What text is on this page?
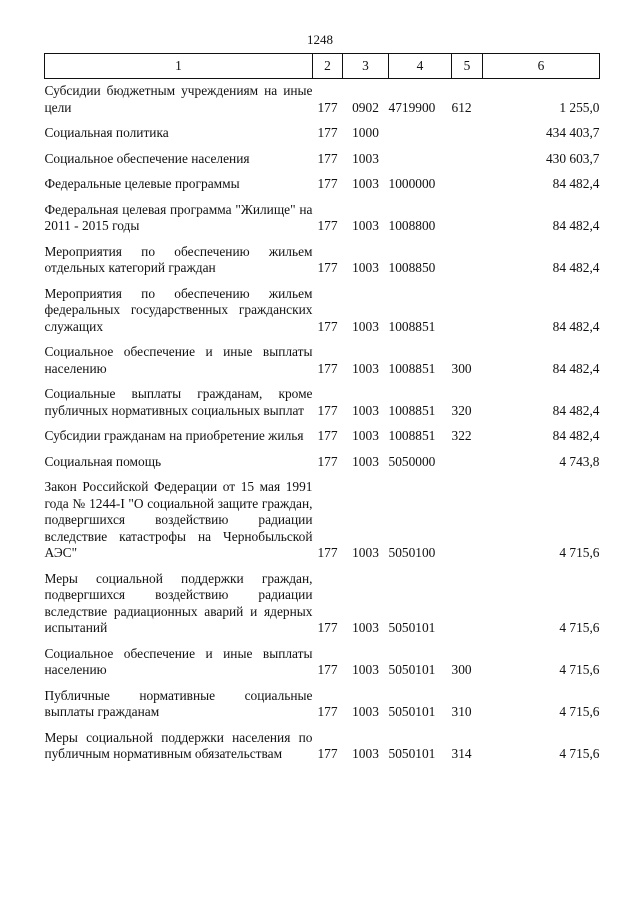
1248
1	2	3	4	5	6
Субсидии бюджетным учреждениям на иные цели	177	0902	4719900	612	1 255,0
Социальная политика	177	1000			434 403,7
Социальное обеспечение населения	177	1003			430 603,7
Федеральные целевые программы	177	1003	1000000		84 482,4
Федеральная целевая программа "Жилище" на 2011 - 2015 годы	177	1003	1008800		84 482,4
Мероприятия по обеспечению жильем отдельных категорий граждан	177	1003	1008850		84 482,4
Мероприятия по обеспечению жильем федеральных государственных гражданских служащих	177	1003	1008851		84 482,4
Социальное обеспечение и иные выплаты населению	177	1003	1008851	300	84 482,4
Социальные выплаты гражданам, кроме публичных нормативных социальных выплат	177	1003	1008851	320	84 482,4
Субсидии гражданам на приобретение жилья	177	1003	1008851	322	84 482,4
Социальная помощь	177	1003	5050000		4 743,8
Закон Российской Федерации от 15 мая 1991 года № 1244-I "О социальной защите граждан, подвергшихся воздействию радиации вследствие катастрофы на Чернобыльской АЭС"	177	1003	5050100		4 715,6
Меры социальной поддержки граждан, подвергшихся воздействию радиации вследствие радиационных аварий и ядерных испытаний	177	1003	5050101		4 715,6
Социальное обеспечение и иные выплаты населению	177	1003	5050101	300	4 715,6
Публичные нормативные социальные выплаты гражданам	177	1003	5050101	310	4 715,6
Меры социальной поддержки населения по публичным нормативным обязательствам	177	1003	5050101	314	4 715,6
